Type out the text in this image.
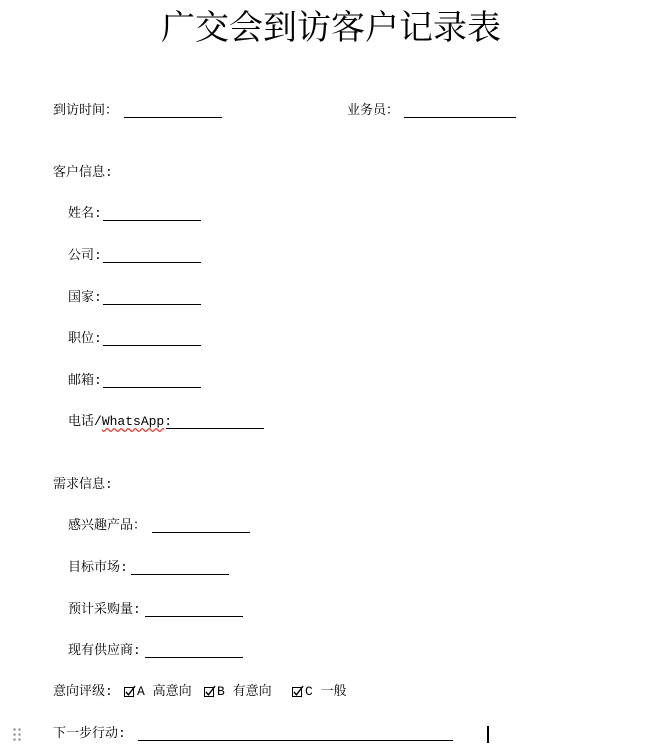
广交会到访客户记录表
到访时间：	业务员：
客户信息:
姓名:
公司:
国家:
职位:
邮箱:
电话/WhatsApp:
需求信息:
感兴趣产品：
目标市场:
预计采购量:
现有供应商:
意向评级:	A 高意向	B 有意向	C 一般
下一步行动:
